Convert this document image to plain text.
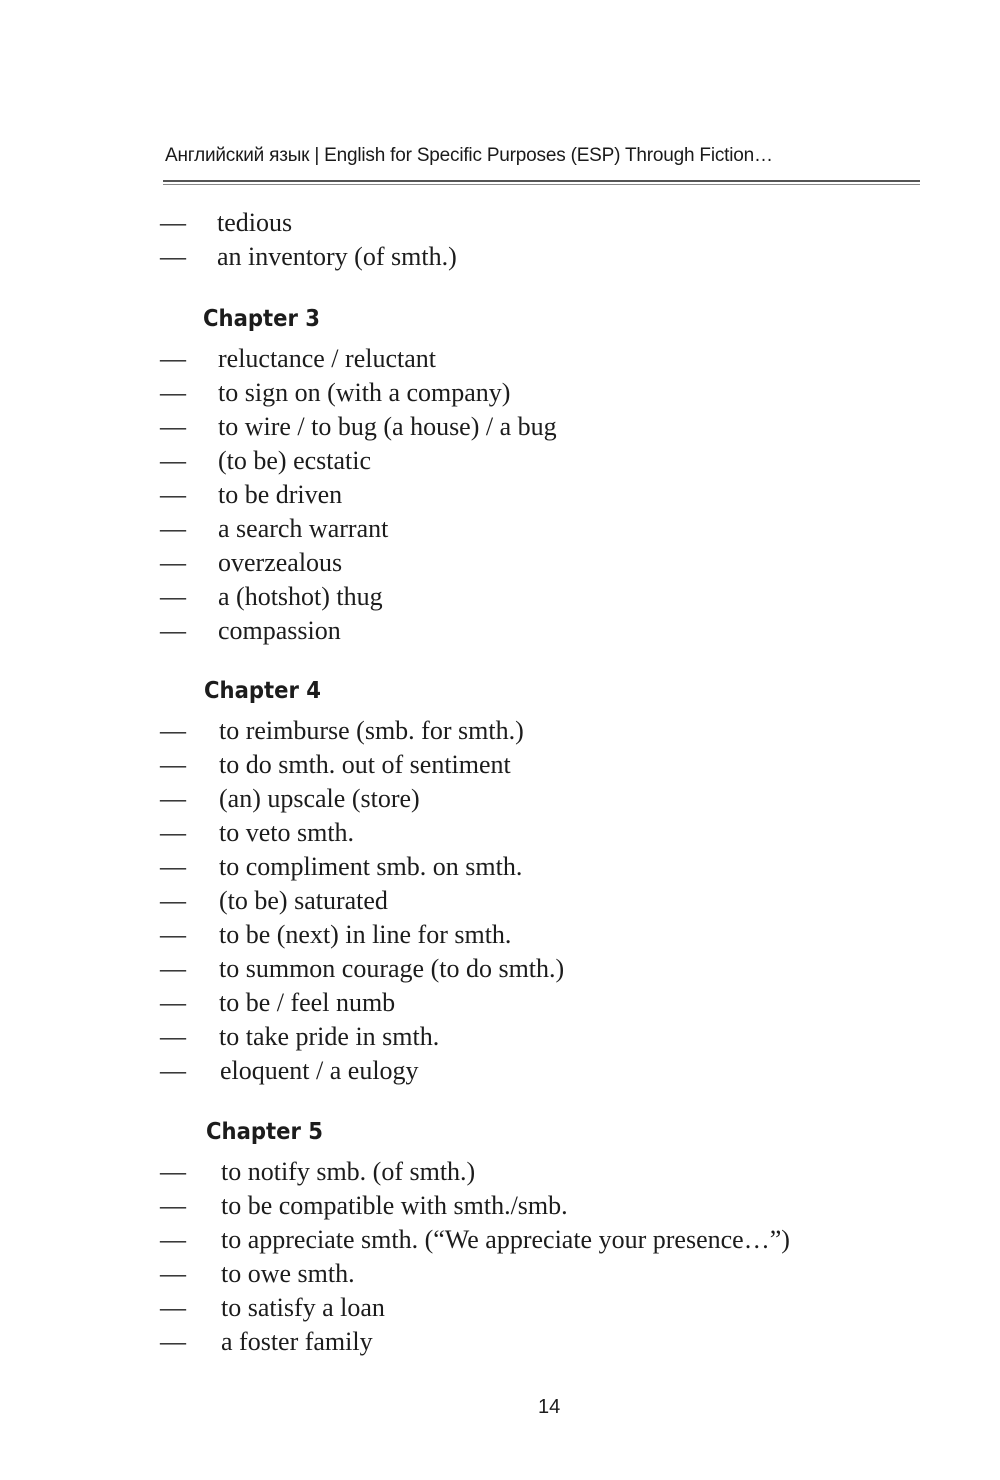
Английский язык | English for Specific Purposes (ESP) Through Fiction…
— tedious
— an inventory (of smth.)
Chapter 3
— reluctance / reluctant
— to sign on (with a company)
— to wire / to bug (a house) / a bug
— (to be) ecstatic
— to be driven
— a search warrant
— overzealous
— a (hotshot) thug
— compassion
Chapter 4
— to reimburse (smb. for smth.)
— to do smth. out of sentiment
— (an) upscale (store)
— to veto smth.
— to compliment smb. on smth.
— (to be) saturated
— to be (next) in line for smth.
— to summon courage (to do smth.)
— to be / feel numb
— to take pride in smth.
— eloquent / a eulogy
Chapter 5
— to notify smb. (of smth.)
— to be compatible with smth./smb.
— to appreciate smth. (“We appreciate your presence…”)
— to owe smth.
— to satisfy a loan
— a foster family
14
